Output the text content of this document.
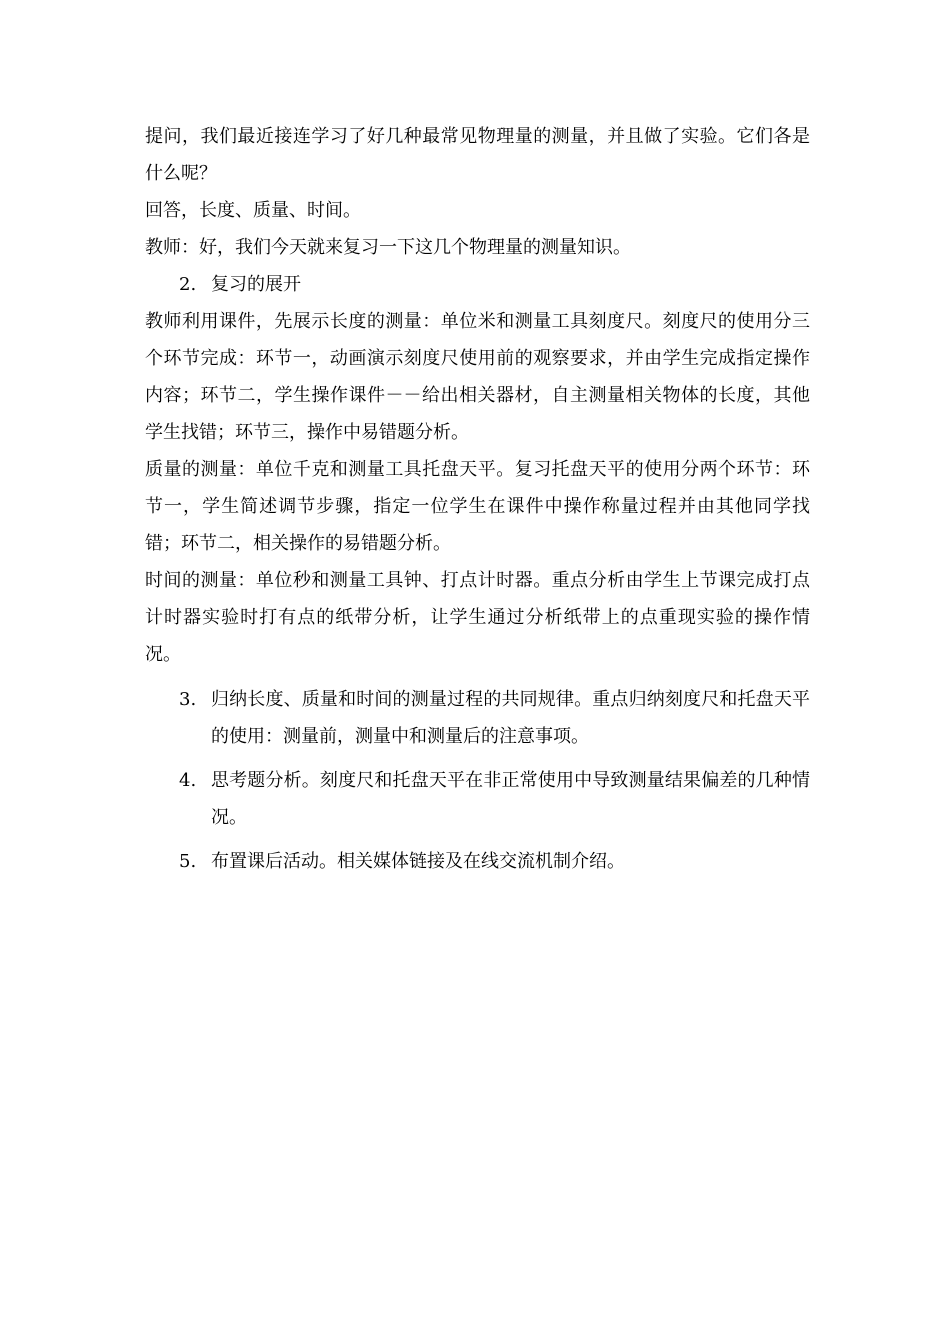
提问，我们最近接连学习了好几种最常见物理量的测量，并且做了实验。它们各是什么呢？

回答，长度、质量、时间。

教师：好，我们今天就来复习一下这几个物理量的测量知识。

2. 复习的展开

教师利用课件，先展示长度的测量：单位米和测量工具刻度尺。刻度尺的使用分三个环节完成：环节一，动画演示刻度尺使用前的观察要求，并由学生完成指定操作内容；环节二，学生操作课件－－给出相关器材，自主测量相关物体的长度，其他学生找错；环节三，操作中易错题分析。

质量的测量：单位千克和测量工具托盘天平。复习托盘天平的使用分两个环节：环节一，学生简述调节步骤，指定一位学生在课件中操作称量过程并由其他同学找错；环节二，相关操作的易错题分析。

时间的测量：单位秒和测量工具钟、打点计时器。重点分析由学生上节课完成打点计时器实验时打有点的纸带分析，让学生通过分析纸带上的点重现实验的操作情况。

3. 归纳长度、质量和时间的测量过程的共同规律。重点归纳刻度尺和托盘天平的使用：测量前，测量中和测量后的注意事项。
4. 思考题分析。刻度尺和托盘天平在非正常使用中导致测量结果偏差的几种情况。
5. 布置课后活动。相关媒体链接及在线交流机制介绍。
